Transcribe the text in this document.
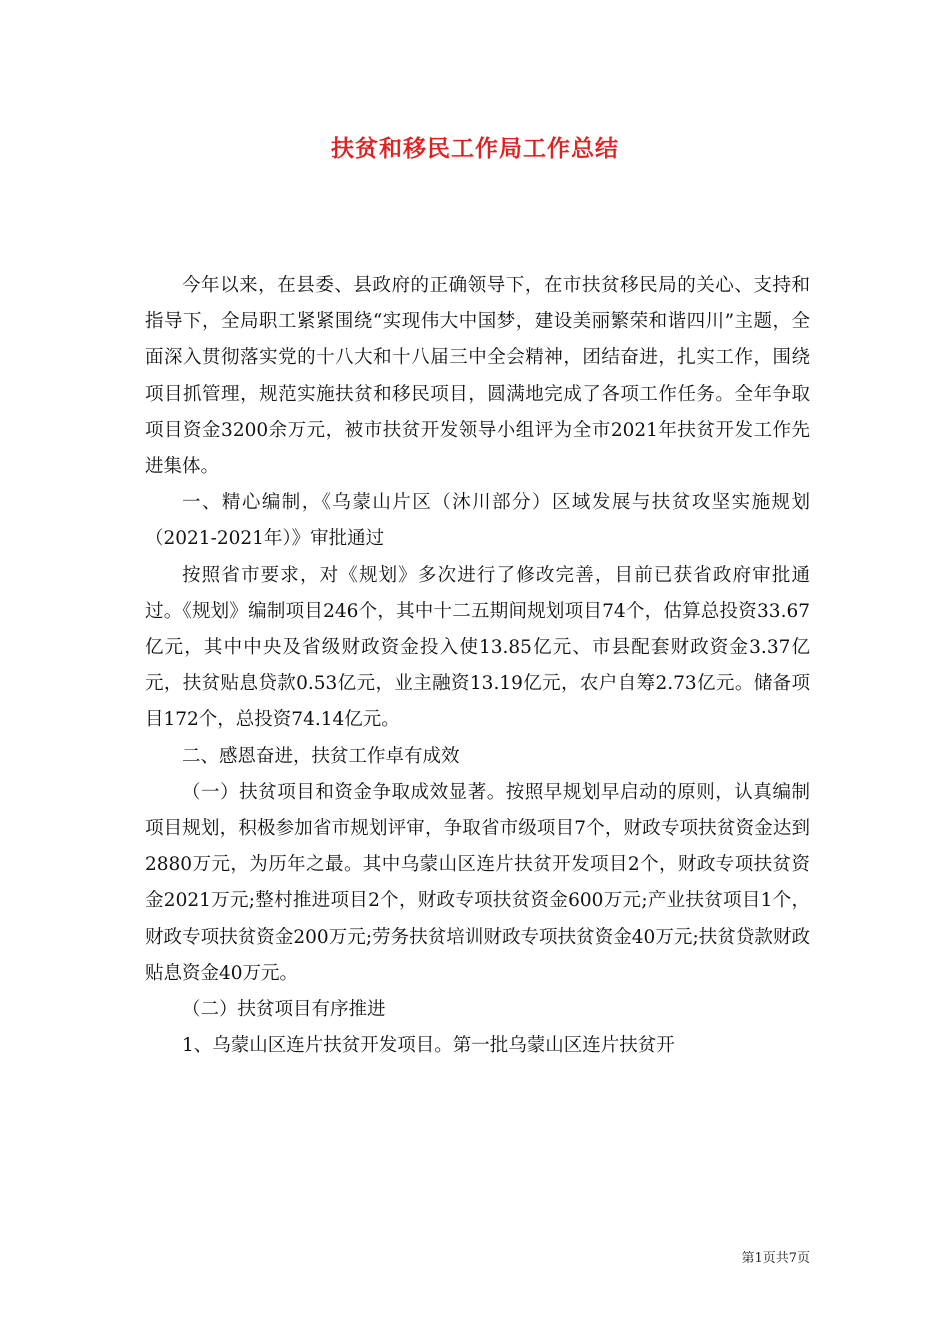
扶贫和移民工作局工作总结

今年以来，在县委、县政府的正确领导下，在市扶贫移民局的关心、支持和指导下，全局职工紧紧围绕“实现伟大中国梦，建设美丽繁荣和谐四川”主题，全面深入贯彻落实党的十八大和十八届三中全会精神，团结奋进，扎实工作，围绕项目抓管理，规范实施扶贫和移民项目，圆满地完成了各项工作任务。全年争取项目资金3200余万元，被市扶贫开发领导小组评为全市2021年扶贫开发工作先进集体。

一、精心编制，《乌蒙山片区（沐川部分）区域发展与扶贫攻坚实施规划（2021-2021年）》审批通过

按照省市要求，对《规划》多次进行了修改完善，目前已获省政府审批通过。《规划》编制项目246个，其中十二五期间规划项目74个，估算总投资33.67亿元，其中中央及省级财政资金投入使13.85亿元、市县配套财政资金3.37亿元，扶贫贴息贷款0.53亿元，业主融资13.19亿元，农户自筹2.73亿元。储备项目172个，总投资74.14亿元。

二、感恩奋进，扶贫工作卓有成效

（一）扶贫项目和资金争取成效显著。按照早规划早启动的原则，认真编制项目规划，积极参加省市规划评审，争取省市级项目7个，财政专项扶贫资金达到2880万元，为历年之最。其中乌蒙山区连片扶贫开发项目2个，财政专项扶贫资金2021万元;整村推进项目2个，财政专项扶贫资金600万元;产业扶贫项目1个，财政专项扶贫资金200万元;劳务扶贫培训财政专项扶贫资金40万元;扶贫贷款财政贴息资金40万元。

（二）扶贫项目有序推进

1、乌蒙山区连片扶贫开发项目。第一批乌蒙山区连片扶贫开

第1页共7页
